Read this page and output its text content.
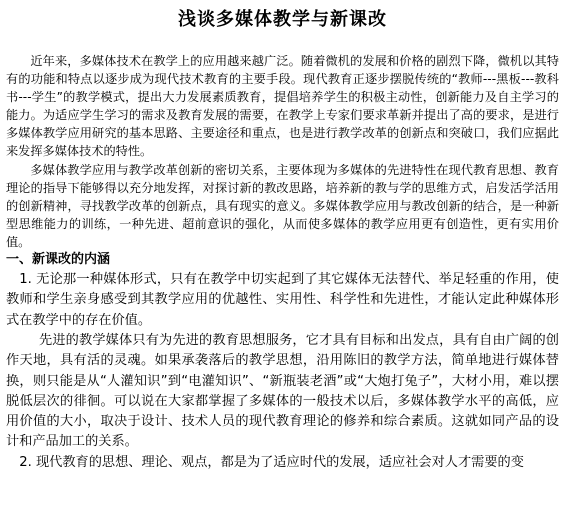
浅谈多媒体教学与新课改

近年来，多媒体技术在教学上的应用越来越广泛。随着微机的发展和价格的剧烈下降，微机以其特有的功能和特点以逐步成为现代技术教育的主要手段。现代教育正逐步摆脱传统的“教师---黑板---教科书---学生”的教学模式，提出大力发展素质教育，提倡培养学生的积极主动性，创新能力及自主学习的能力。为适应学生学习的需求及教育发展的需要，在教学上专家们要求革新并提出了高的要求，是进行多媒体教学应用研究的基本思路、主要途径和重点，也是进行教学改革的创新点和突破口，我们应据此来发挥多媒体技术的特性。

多媒体教学应用与教学改革创新的密切关系，主要体现为多媒体的先进特性在现代教育思想、教育理论的指导下能够得以充分地发挥，对探讨新的教改思路，培养新的教与学的思维方式，启发活学活用的创新精神，寻找教学改革的创新点，具有现实的意义。多媒体教学应用与教改创新的结合，是一种新型思维能力的训练，一种先进、超前意识的强化，从而使多媒体的教学应用更有创造性，更有实用价值。

一、新课改的内涵

1. 无论那一种媒体形式，只有在教学中切实起到了其它媒体无法替代、举足轻重的作用，使教师和学生亲身感受到其教学应用的优越性、实用性、科学性和先进性，才能认定此种媒体形式在教学中的存在价值。

先进的教学媒体只有为先进的教育思想服务，它才具有目标和出发点，具有自由广阔的创作天地，具有活的灵魂。如果承袭落后的教学思想，沿用陈旧的教学方法，简单地进行媒体替换，则只能是从“人灌知识”到“电灌知识”、“新瓶装老酒”或“大炮打兔子”，大材小用，难以摆脱低层次的徘徊。可以说在大家都掌握了多媒体的一般技术以后，多媒体教学水平的高低，应用价值的大小，取决于设计、技术人员的现代教育理论的修养和综合素质。这就如同产品的设计和产品加工的关系。

2. 现代教育的思想、理论、观点，都是为了适应时代的发展，适应社会对人才需要的变
